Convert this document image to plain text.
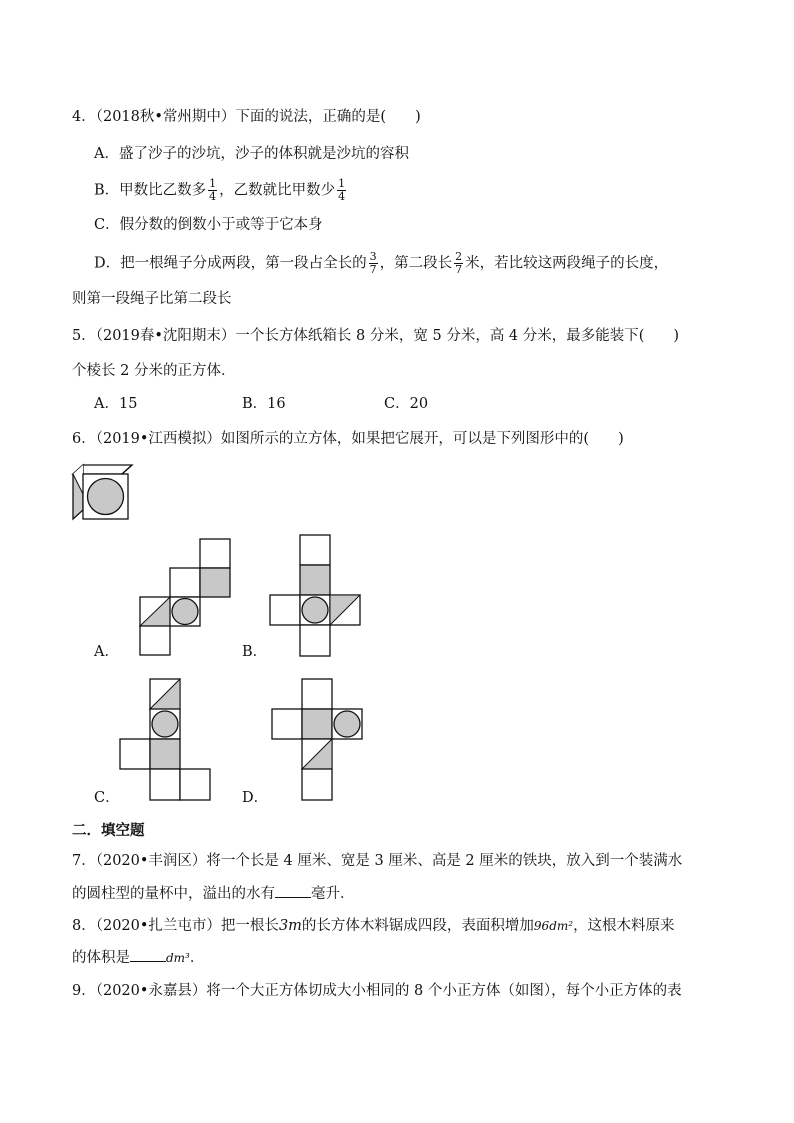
4．（2018秋•常州期中）下面的说法，正确的是(　　)
A．盛了沙子的沙坑，沙子的体积就是沙坑的容积
B．甲数比乙数多 $\frac{1}{4}$ ，乙数就比甲数少 $\frac{1}{4}$
C．假分数的倒数小于或等于它本身
D．把一根绳子分成两段，第一段占全长的 $\frac{3}{7}$ ，第二段长 $\frac{2}{7}$ 米，若比较这两段绳子的长度，
则第一段绳子比第二段长
5．（2019春•沈阳期末）一个长方体纸箱长 8 分米，宽 5 分米，高 4 分米，最多能装下(　　)
个棱长 2 分米的正方体．
A．15	B．16	C．20
6．（2019•江西模拟）如图所示的立方体，如果把它展开，可以是下列图形中的(　　)
A．	B．
C．	D．
二．填空题
7．（2020•丰润区）将一个长是 4 厘米、宽是 3 厘米、高是 2 厘米的铁块，放入到一个装满水
的圆柱型的量杯中，溢出的水有 毫升．
8．（2020•扎兰屯市）把一根长3m的长方体木料锯成四段，表面积增加96dm²，这根木料原来
的体积是	dm³．
9．（2020•永嘉县）将一个大正方体切成大小相同的 8 个小正方体（如图），每个小正方体的表
